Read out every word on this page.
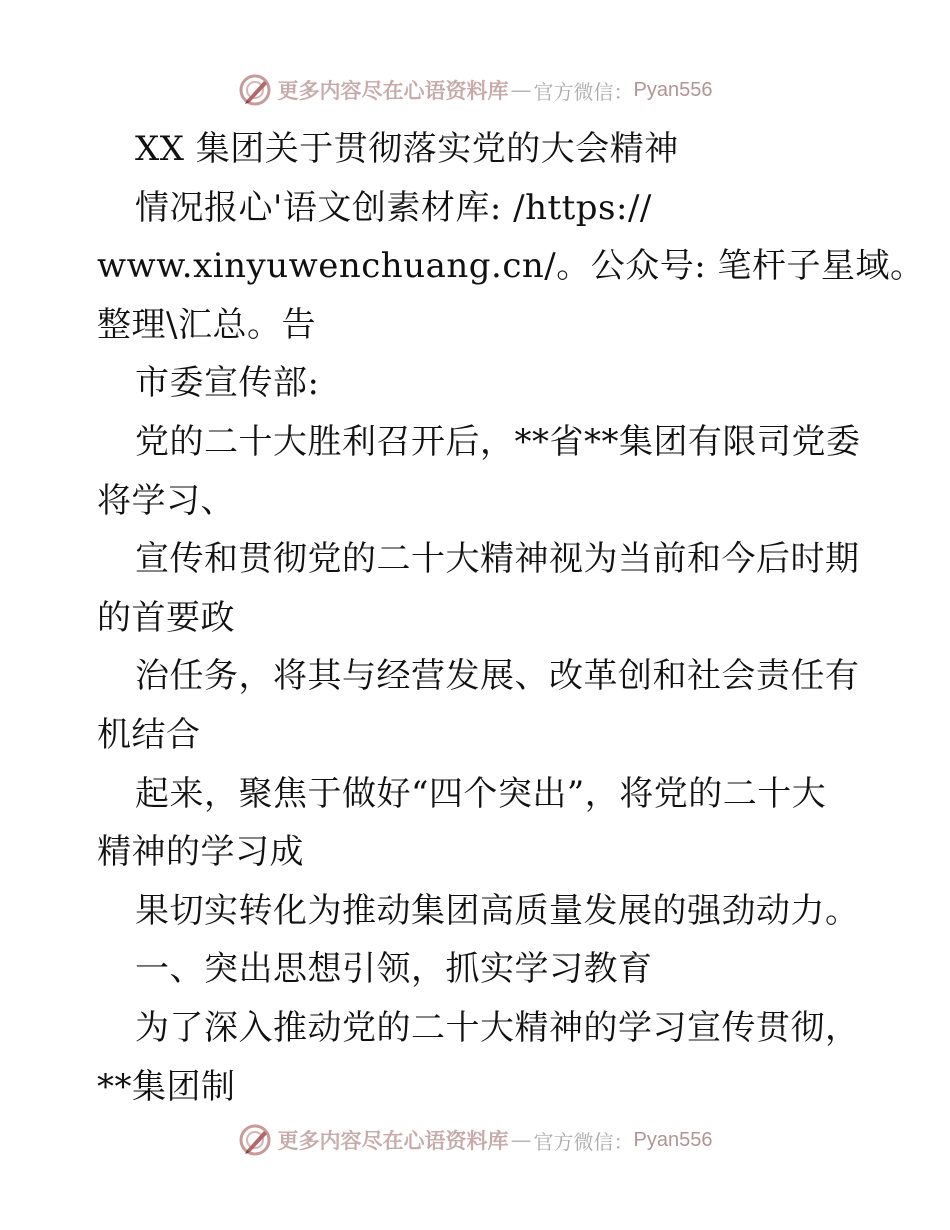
更多内容尽在心语资料库 — 官方微信： Pyan556
XX 集团关于贯彻落实党的大会精神
情况报心'语文创素材库: /https://
www.xinyuwenchuang.cn/。公众号: 笔杆子星域。
整理\汇总。告
市委宣传部:
党的二十大胜利召开后，**省**集团有限司党委
将学习、
宣传和贯彻党的二十大精神视为当前和今后时期
的首要政
治任务，将其与经营发展、改革创和社会责任有
机结合
起来，聚焦于做好“四个突出”，将党的二十大
精神的学习成
果切实转化为推动集团高质量发展的强劲动力。
一、突出思想引领，抓实学习教育
为了深入推动党的二十大精神的学习宣传贯彻，
**集团制
更多内容尽在心语资料库 — 官方微信： Pyan556
